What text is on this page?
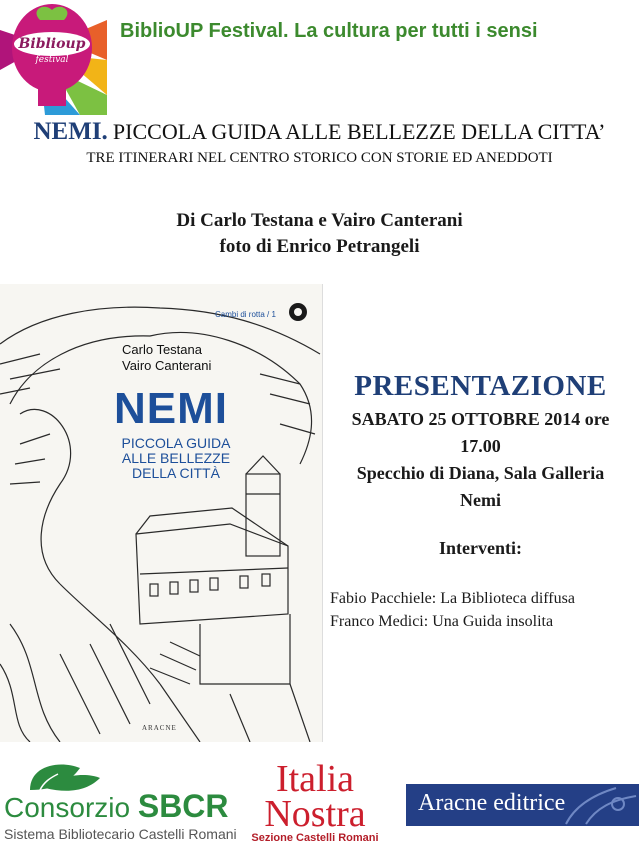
Biblioup
festival
BiblioUP Festival. La cultura per tutti i sensi
NEMI. PICCOLA GUIDA ALLE BELLEZZE DELLA CITTA’
TRE ITINERARI NEL CENTRO STORICO CON STORIE ED ANEDDOTI
Di Carlo Testana e Vairo Canterani
foto di Enrico Petrangeli
Cambi di rotta / 1
Carlo Testana
Vairo Canterani
NEMI
PICCOLA GUIDA
ALLE BELLEZZE
DELLA CITTÀ
ARACNE
PRESENTAZIONE
SABATO 25 OTTOBRE 2014 ore
17.00
Specchio di Diana, Sala Galleria
Nemi
Interventi:
Fabio Pacchiele: La Biblioteca diffusa
Franco Medici: Una Guida insolita
Consorzio SBCR
Sistema Bibliotecario Castelli Romani
Italia
Nostra
Sezione Castelli Romani
Aracne editrice
